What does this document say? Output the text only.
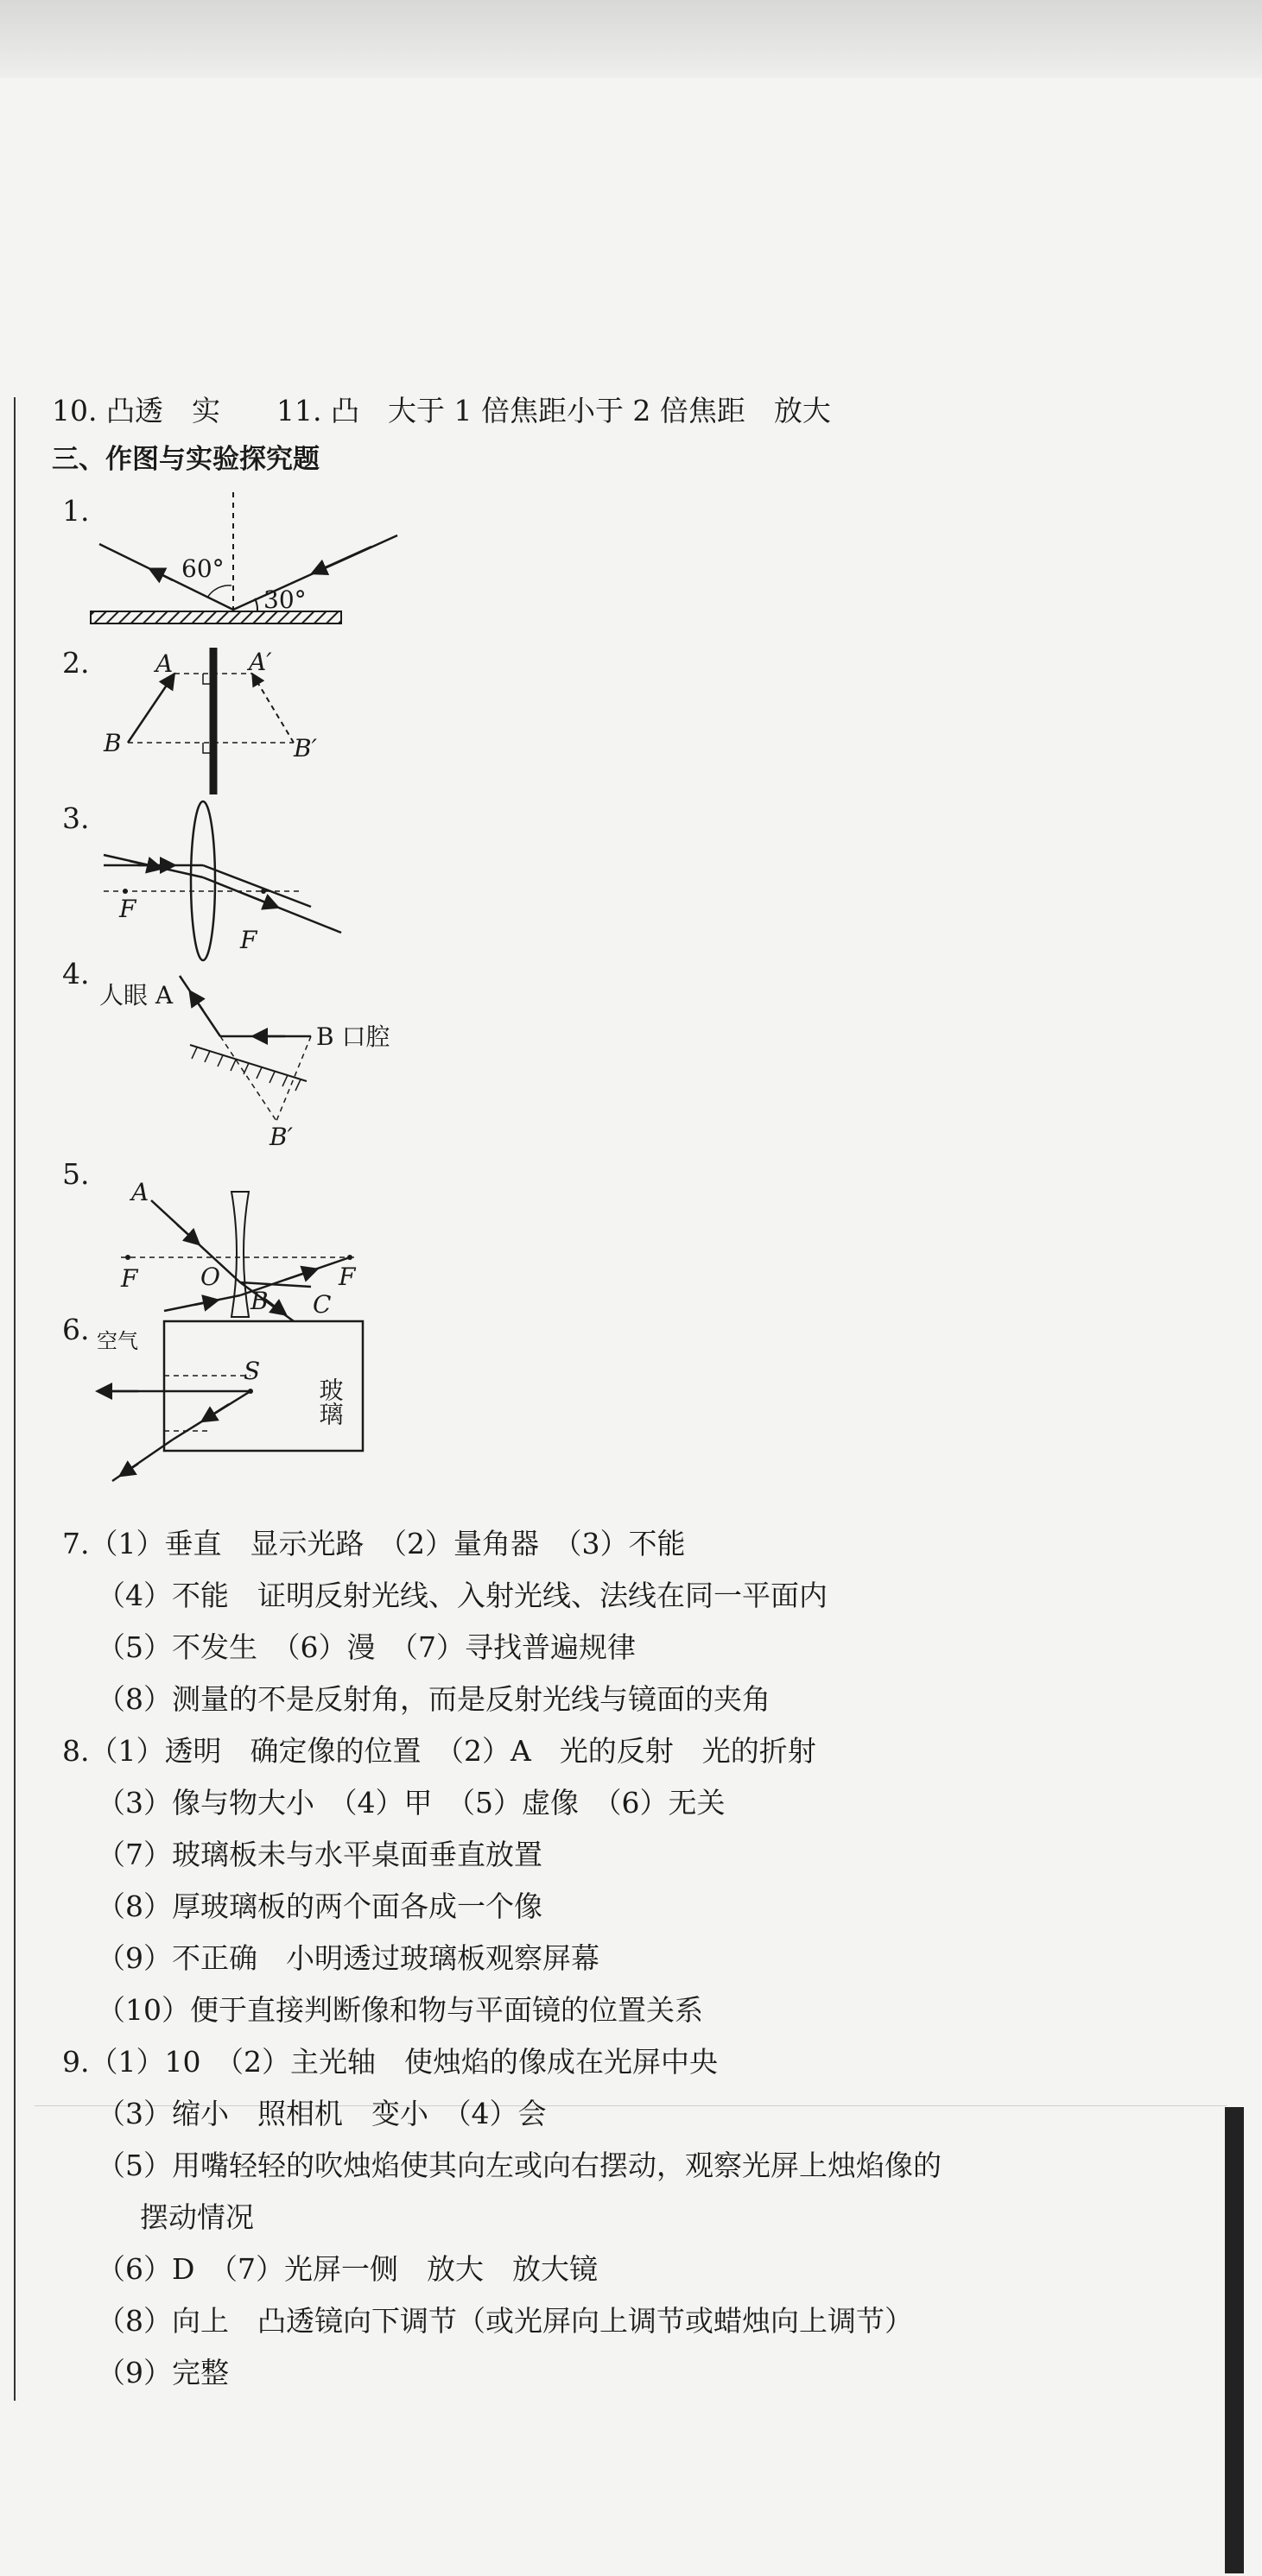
10. 凸透　实 11. 凸　大于 1 倍焦距小于 2 倍焦距　放大
三、作图与实验探究题
1.
2.
3.
4.
5.
6.
60°
30°
A	A′
B	B′
F
F
人眼 A
B 口腔
B′
A
F	O
B C
F
空气
S
玻璃
7.（1）垂直　显示光路　（2）量角器　（3）不能
（4）不能　证明反射光线、入射光线、法线在同一平面内
（5）不发生　（6）漫　（7）寻找普遍规律
（8）测量的不是反射角，而是反射光线与镜面的夹角
8.（1）透明　确定像的位置　（2）A　光的反射　光的折射
（3）像与物大小　（4）甲　（5）虚像　（6）无关
（7）玻璃板未与水平桌面垂直放置
（8）厚玻璃板的两个面各成一个像
（9）不正确　小明透过玻璃板观察屏幕
（10）便于直接判断像和物与平面镜的位置关系
9.（1）10　（2）主光轴　使烛焰的像成在光屏中央
（3）缩小　照相机　变小　（4）会
（5）用嘴轻轻的吹烛焰使其向左或向右摆动，观察光屏上烛焰像的
摆动情况
（6）D　（7）光屏一侧　放大　放大镜
（8）向上　凸透镜向下调节（或光屏向上调节或蜡烛向上调节）
（9）完整
